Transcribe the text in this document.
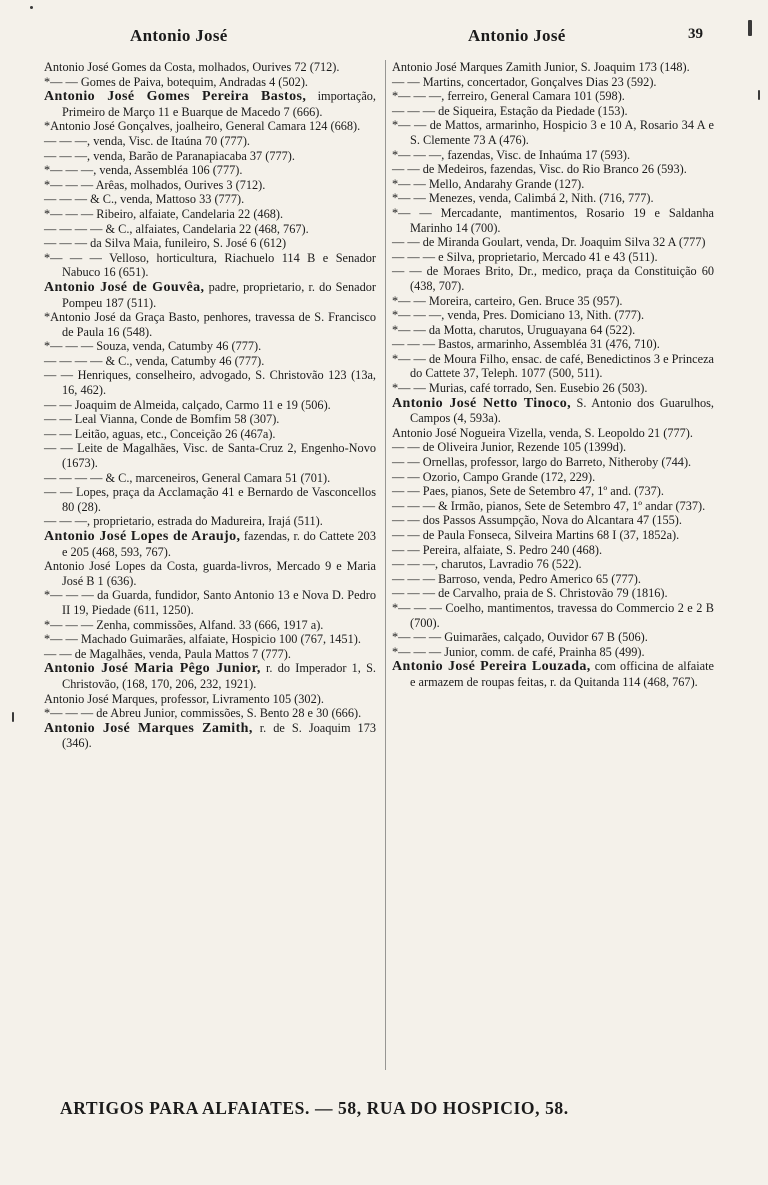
Antonio José	Antonio José	39

Antonio José Gomes da Costa, molhados, Ourives 72 (712).

*— — Gomes de Paiva, botequim, Andradas 4 (502).

Antonio José Gomes Pereira Bastos, importação, Primeiro de Março 11 e Buarque de Macedo 7 (666).

*Antonio José Gonçalves, joalheiro, General Camara 124 (668).

— — —, venda, Visc. de Itaúna 70 (777).

— — —, venda, Barão de Paranapiacaba 37 (777).

*— — —, venda, Assembléa 106 (777).

*— — — Arêas, molhados, Ourives 3 (712).

— — — & C., venda, Mattoso 33 (777).

*— — — Ribeiro, alfaiate, Candelaria 22 (468).

— — — — & C., alfaiates, Candelaria 22 (468, 767).

— — — da Silva Maia, funileiro, S. José 6 (612)

*— — — Velloso, horticultura, Riachuelo 114 B e Senador Nabuco 16 (651).

Antonio José de Gouvêa, padre, proprietario, r. do Senador Pompeu 187 (511).

*Antonio José da Graça Basto, penhores, travessa de S. Francisco de Paula 16 (548).

*— — — Souza, venda, Catumby 46 (777).

— — — — & C., venda, Catumby 46 (777).

— — Henriques, conselheiro, advogado, S. Christovão 123 (13a, 16, 462).

— — Joaquim de Almeida, calçado, Carmo 11 e 19 (506).

— — Leal Vianna, Conde de Bomfim 58 (307).

— — Leitão, aguas, etc., Conceição 26 (467a).

— — Leite de Magalhães, Visc. de Santa-Cruz 2, Engenho-Novo (1673).

— — — — & C., marceneiros, General Camara 51 (701).

— — Lopes, praça da Acclamação 41 e Bernardo de Vasconcellos 80 (28).

— — —, proprietario, estrada do Madureira, Irajá (511).

Antonio José Lopes de Araujo, fazendas, r. do Cattete 203 e 205 (468, 593, 767).

Antonio José Lopes da Costa, guarda-livros, Mercado 9 e Maria José B 1 (636).

*— — — da Guarda, fundidor, Santo Antonio 13 e Nova D. Pedro II 19, Piedade (611, 1250).

*— — — Zenha, commissões, Alfand. 33 (666, 1917 a).

*— — Machado Guimarães, alfaiate, Hospicio 100 (767, 1451).

— — de Magalhães, venda, Paula Mattos 7 (777).

Antonio José Maria Pêgo Junior, r. do Imperador 1, S. Christovão, (168, 170, 206, 232, 1921).

Antonio José Marques, professor, Livramento 105 (302).

*— — — de Abreu Junior, commissões, S. Bento 28 e 30 (666).

Antonio José Marques Zamith, r. de S. Joaquim 173 (346).

Antonio José Marques Zamith Junior, S. Joaquim 173 (148).

— — Martins, concertador, Gonçalves Dias 23 (592).

*— — —, ferreiro, General Camara 101 (598).

— — — de Siqueira, Estação da Piedade (153).

*— — de Mattos, armarinho, Hospicio 3 e 10 A, Rosario 34 A e S. Clemente 73 A (476).

*— — —, fazendas, Visc. de Inhaúma 17 (593).

— — de Medeiros, fazendas, Visc. do Rio Branco 26 (593).

*— — Mello, Andarahy Grande (127).

*— — Menezes, venda, Calimbá 2, Nith. (716, 777).

*— — Mercadante, mantimentos, Rosario 19 e Saldanha Marinho 14 (700).

— — de Miranda Goulart, venda, Dr. Joaquim Silva 32 A (777)

— — — e Silva, proprietario, Mercado 41 e 43 (511).

— — de Moraes Brito, Dr., medico, praça da Constituição 60 (438, 707).

*— — Moreira, carteiro, Gen. Bruce 35 (957).

*— — —, venda, Pres. Domiciano 13, Nith. (777).

*— — da Motta, charutos, Uruguayana 64 (522).

— — — Bastos, armarinho, Assembléa 31 (476, 710).

*— — de Moura Filho, ensac. de café, Benedictinos 3 e Princeza do Cattete 37, Teleph. 1077 (500, 511).

*— — Murias, café torrado, Sen. Eusebio 26 (503).

Antonio José Netto Tinoco, S. Antonio dos Guarulhos, Campos (4, 593a).

Antonio José Nogueira Vizella, venda, S. Leopoldo 21 (777).

— — de Oliveira Junior, Rezende 105 (1399d).

— — Ornellas, professor, largo do Barreto, Nitheroby (744).

— — Ozorio, Campo Grande (172, 229).

— — Paes, pianos, Sete de Setembro 47, 1º and. (737).

— — — & Irmão, pianos, Sete de Setembro 47, 1º andar (737).

— — dos Passos Assumpção, Nova do Alcantara 47 (155).

— — de Paula Fonseca, Silveira Martins 68 I (37, 1852a).

— — Pereira, alfaiate, S. Pedro 240 (468).

— — —, charutos, Lavradio 76 (522).

— — — Barroso, venda, Pedro Americo 65 (777).

— — — de Carvalho, praia de S. Christovão 79 (1816).

*— — — Coelho, mantimentos, travessa do Commercio 2 e 2 B (700).

*— — — Guimarães, calçado, Ouvidor 67 B (506).

*— — — Junior, comm. de café, Prainha 85 (499).

Antonio José Pereira Louzada, com officina de alfaiate e armazem de roupas feitas, r. da Quitanda 114 (468, 767).

ARTIGOS PARA ALFAIATES. — 58, RUA DO HOSPICIO, 58.
